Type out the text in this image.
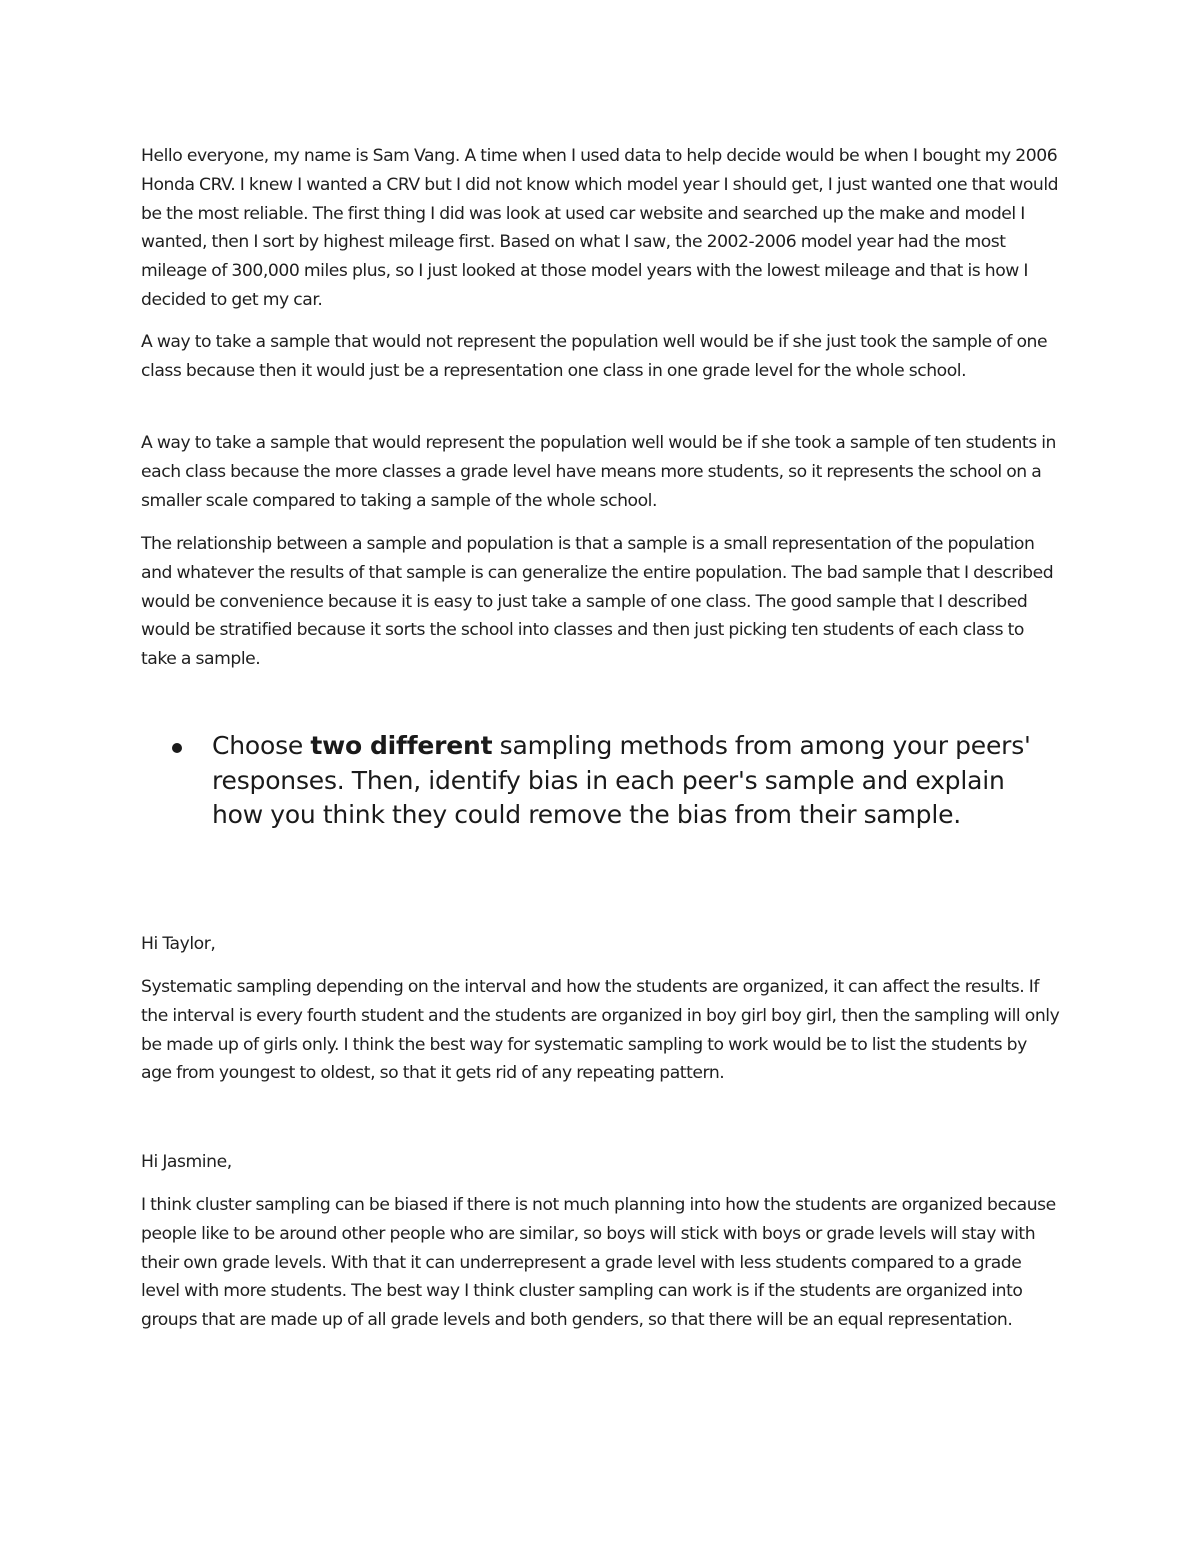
Hello everyone, my name is Sam Vang. A time when I used data to help decide would be when I bought my 2006 Honda CRV. I knew I wanted a CRV but I did not know which model year I should get, I just wanted one that would be the most reliable. The first thing I did was look at used car website and searched up the make and model I wanted, then I sort by highest mileage first. Based on what I saw, the 2002-2006 model year had the most mileage of 300,000 miles plus, so I just looked at those model years with the lowest mileage and that is how I decided to get my car.

A way to take a sample that would not represent the population well would be if she just took the sample of one class because then it would just be a representation one class in one grade level for the whole school.

A way to take a sample that would represent the population well would be if she took a sample of ten students in each class because the more classes a grade level have means more students, so it represents the school on a smaller scale compared to taking a sample of the whole school.

The relationship between a sample and population is that a sample is a small representation of the population and whatever the results of that sample is can generalize the entire population. The bad sample that I described would be convenience because it is easy to just take a sample of one class. The good sample that I described would be stratified because it sorts the school into classes and then just picking ten students of each class to take a sample.

Choose two different sampling methods from among your peers' responses. Then, identify bias in each peer's sample and explain how you think they could remove the bias from their sample.

Hi Taylor,

Systematic sampling depending on the interval and how the students are organized, it can affect the results. If the interval is every fourth student and the students are organized in boy girl boy girl, then the sampling will only be made up of girls only. I think the best way for systematic sampling to work would be to list the students by age from youngest to oldest, so that it gets rid of any repeating pattern.

Hi Jasmine,

I think cluster sampling can be biased if there is not much planning into how the students are organized because people like to be around other people who are similar, so boys will stick with boys or grade levels will stay with their own grade levels. With that it can underrepresent a grade level with less students compared to a grade level with more students. The best way I think cluster sampling can work is if the students are organized into groups that are made up of all grade levels and both genders, so that there will be an equal representation.
